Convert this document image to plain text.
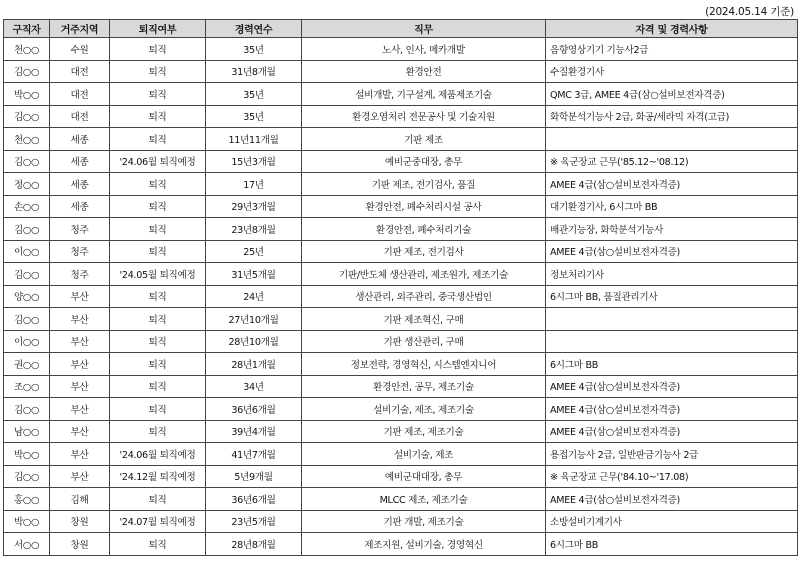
(2024.05.14 기준)
구직자	거주지역	퇴직여부	경력연수	직무	자격 및 경력사항
천○○	수원	퇴직	35년	노사, 인사, 메카개발	음향영상기기 기능사2급
김○○	대전	퇴직	31년8개월	환경안전	수질환경기사
박○○	대전	퇴직	35년	설비개발, 기구설계, 제품제조기술	QMC 3급, AMEE 4급(삼○설비보전자격증)
김○○	대전	퇴직	35년	환경오염처리 전문공사 및 기술지원	화학분석기능사 2급, 화공/세라믹 자격(고급)
천○○	세종	퇴직	11년11개월	기판 제조	
김○○	세종	'24.06월 퇴직예정	15년3개월	예비군중대장, 총무	※ 육군장교 근무('85.12~'08.12)
정○○	세종	퇴직	17년	기판 제조, 전기검사, 품질	AMEE 4급(삼○설비보전자격증)
손○○	세종	퇴직	29년3개월	환경안전, 폐수처리시설 공사	대기환경기사, 6시그마 BB
김○○	청주	퇴직	23년8개월	환경안전, 폐수처리기술	배관기능장, 화학분석기능사
이○○	청주	퇴직	25년	기판 제조, 전기검사	AMEE 4급(삼○설비보전자격증)
김○○	청주	'24.05월 퇴직예정	31년5개월	기판/반도체 생산관리, 제조원가, 제조기술	정보처리기사
양○○	부산	퇴직	24년	생산관리, 외주관리, 중국생산법인	6시그마 BB, 품질관리기사
김○○	부산	퇴직	27년10개월	기판 제조혁신, 구매	
이○○	부산	퇴직	28년10개월	기판 생산관리, 구매	
권○○	부산	퇴직	28년1개월	정보전략, 경영혁신, 시스템엔지니어	6시그마 BB
조○○	부산	퇴직	34년	환경안전, 공무, 제조기술	AMEE 4급(삼○설비보전자격증)
김○○	부산	퇴직	36년6개월	설비기술, 제조, 제조기술	AMEE 4급(삼○설비보전자격증)
남○○	부산	퇴직	39년4개월	기판 제조, 제조기술	AMEE 4급(삼○설비보전자격증)
박○○	부산	'24.06월 퇴직예정	41년7개월	설비기술, 제조	용접기능사 2급, 일반판금기능사 2급
김○○	부산	'24.12월 퇴직예정	5년9개월	예비군대대장, 총무	※ 육군장교 근무('84.10~'17.08)
홍○○	김해	퇴직	36년6개월	MLCC 제조, 제조기술	AMEE 4급(삼○설비보전자격증)
박○○	창원	'24.07월 퇴직예정	23년5개월	기판 개발, 제조기술	소방설비기계기사
서○○	창원	퇴직	28년8개월	제조지원, 설비기술, 경영혁신	6시그마 BB
